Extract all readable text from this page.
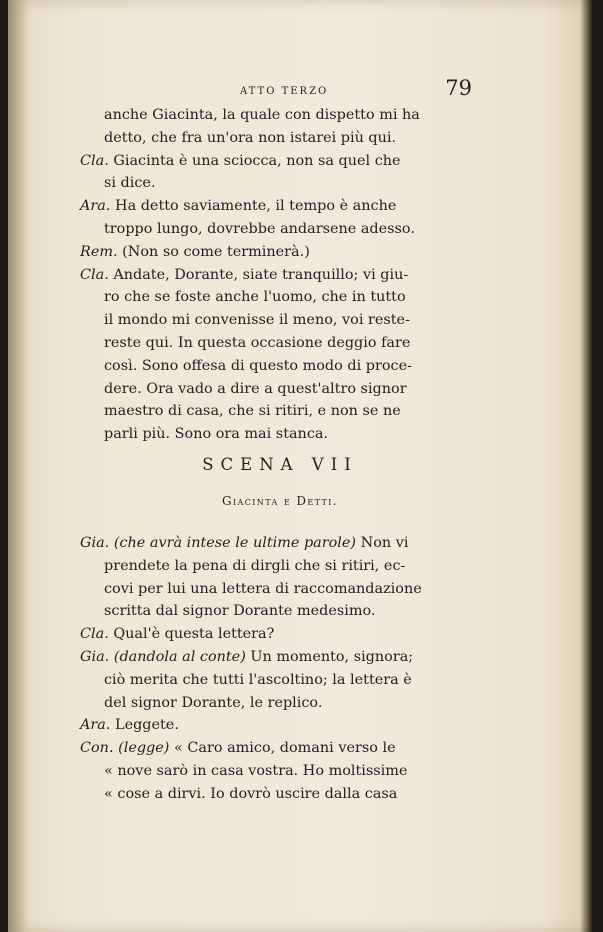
ATTO TERZO	79
anche Giacinta, la quale con dispetto mi ha
detto, che fra un'ora non istarei più qui.
Cla. Giacinta è una sciocca, non sa quel che
si dice.
Ara. Ha detto saviamente, il tempo è anche
troppo lungo, dovrebbe andarsene adesso.
Rem. (Non so come terminerà.)
Cla. Andate, Dorante, siate tranquillo; vi giu-
ro che se foste anche l'uomo, che in tutto
il mondo mi convenisse il meno, voi reste-
reste qui. In questa occasione deggio fare
così. Sono offesa di questo modo di proce-
dere. Ora vado a dire a quest'altro signor
maestro di casa, che si ritiri, e non se ne
parli più. Sono ora mai stanca.
SCENA VII
Giacinta e Detti.
Gia. (che avrà intese le ultime parole) Non vi
prendete la pena di dirgli che si ritiri, ec-
covi per lui una lettera di raccomandazione
scritta dal signor Dorante medesimo.
Cla. Qual'è questa lettera?
Gia. (dandola al conte) Un momento, signora;
ciò merita che tutti l'ascoltino; la lettera è
del signor Dorante, le replico.
Ara. Leggete.
Con. (legge) « Caro amico, domani verso le
« nove sarò in casa vostra. Ho moltissime
« cose a dirvi. Io dovrò uscire dalla casa
